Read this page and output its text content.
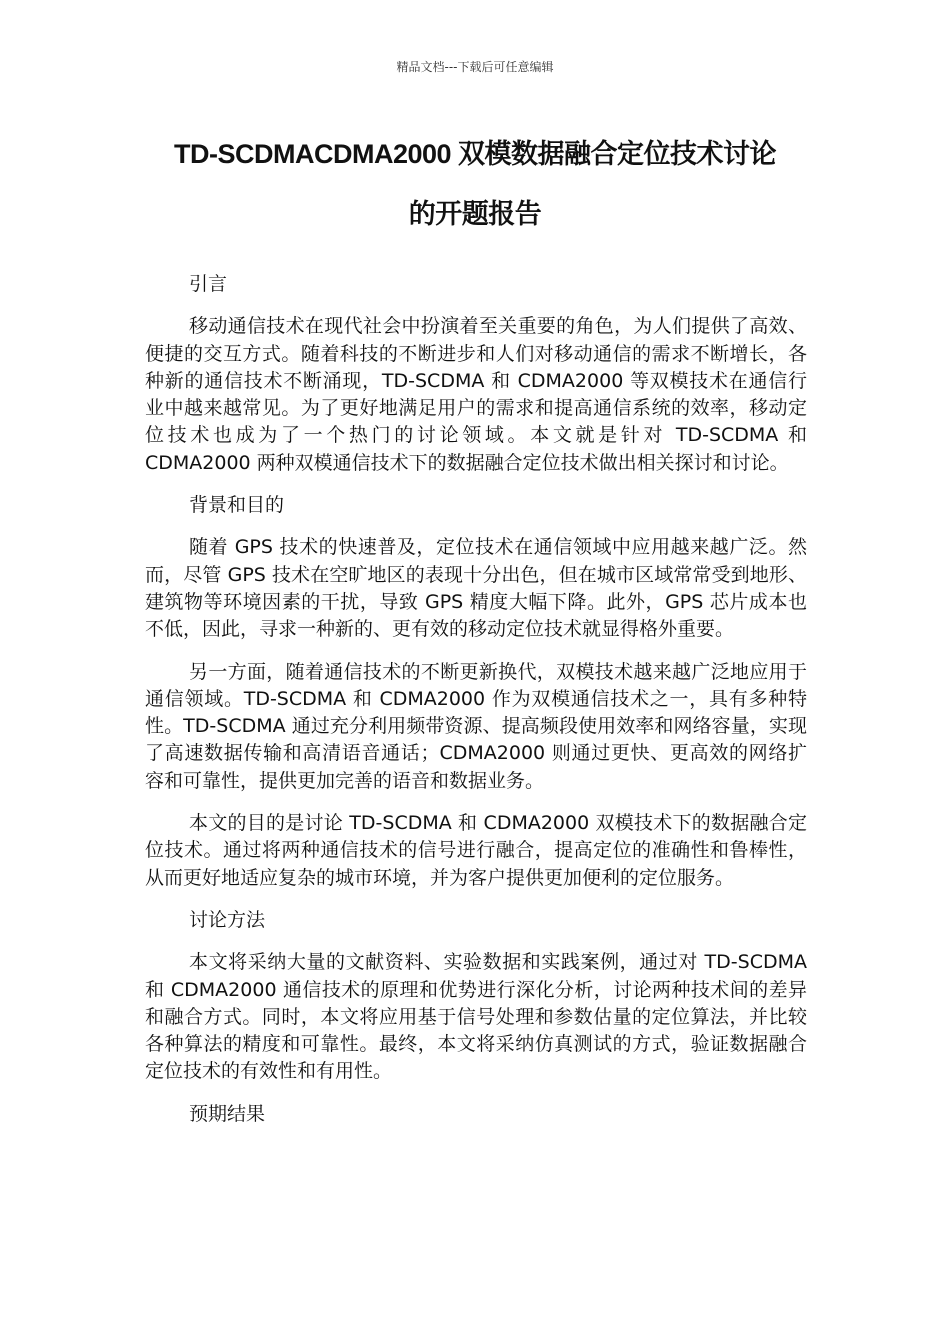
精品文档---下载后可任意编辑
TD-SCDMACDMA2000 双模数据融合定位技术讨论
的开题报告
引言
移动通信技术在现代社会中扮演着至关重要的角色，为人们提供了高效、便捷的交互方式。随着科技的不断进步和人们对移动通信的需求不断增长，各种新的通信技术不断涌现，TD-SCDMA 和 CDMA2000 等双模技术在通信行业中越来越常见。为了更好地满足用户的需求和提高通信系统的效率，移动定位技术也成为了一个热门的讨论领域。本文就是针对 TD-SCDMA 和 CDMA2000 两种双模通信技术下的数据融合定位技术做出相关探讨和讨论。
背景和目的
随着 GPS 技术的快速普及，定位技术在通信领域中应用越来越广泛。然而，尽管 GPS 技术在空旷地区的表现十分出色，但在城市区域常常受到地形、建筑物等环境因素的干扰，导致 GPS 精度大幅下降。此外，GPS 芯片成本也不低，因此，寻求一种新的、更有效的移动定位技术就显得格外重要。
另一方面，随着通信技术的不断更新换代，双模技术越来越广泛地应用于通信领域。TD-SCDMA 和 CDMA2000 作为双模通信技术之一，具有多种特性。TD-SCDMA 通过充分利用频带资源、提高频段使用效率和网络容量，实现了高速数据传输和高清语音通话；CDMA2000 则通过更快、更高效的网络扩容和可靠性，提供更加完善的语音和数据业务。
本文的目的是讨论 TD-SCDMA 和 CDMA2000 双模技术下的数据融合定位技术。通过将两种通信技术的信号进行融合，提高定位的准确性和鲁棒性，从而更好地适应复杂的城市环境，并为客户提供更加便利的定位服务。
讨论方法
本文将采纳大量的文献资料、实验数据和实践案例，通过对 TD-SCDMA 和 CDMA2000 通信技术的原理和优势进行深化分析，讨论两种技术间的差异和融合方式。同时，本文将应用基于信号处理和参数估量的定位算法，并比较各种算法的精度和可靠性。最终，本文将采纳仿真测试的方式，验证数据融合定位技术的有效性和有用性。
预期结果
